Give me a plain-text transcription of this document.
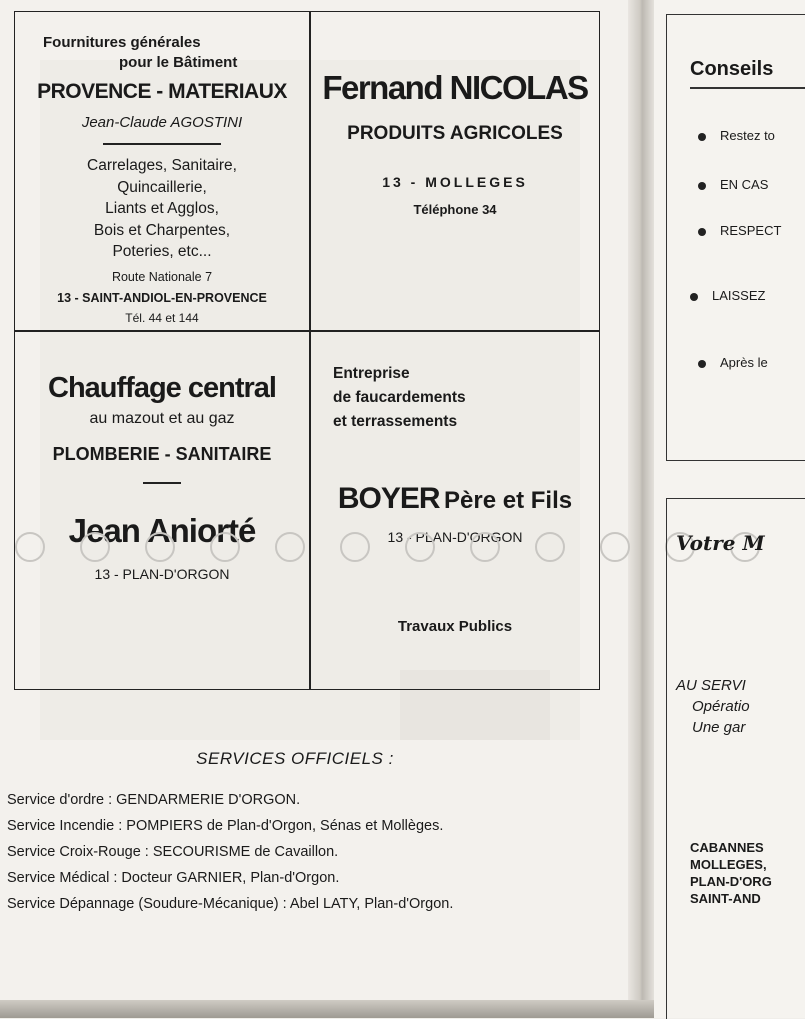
Fournitures générales
pour le Bâtiment
PROVENCE - MATERIAUX
Jean-Claude AGOSTINI
Carrelages, Sanitaire,
Quincaillerie,
Liants et Agglos,
Bois et Charpentes,
Poteries, etc...
Route Nationale 7
13 - SAINT-ANDIOL-EN-PROVENCE
Tél. 44 et 144
Fernand NICOLAS
PRODUITS AGRICOLES
13 - MOLLEGES
Téléphone 34
Chauffage central
au mazout et au gaz
PLOMBERIE - SANITAIRE
Jean Aniorté
13 - PLAN-D'ORGON
Entreprise
de faucardements
et terrassements
BOYER Père et Fils
13 - PLAN-D'ORGON
Travaux Publics
SERVICES OFFICIELS :
Service d'ordre : GENDARMERIE D'ORGON.
Service Incendie : POMPIERS de Plan-d'Orgon, Sénas et Mollèges.
Service Croix-Rouge : SECOURISME de Cavaillon.
Service Médical : Docteur GARNIER, Plan-d'Orgon.
Service Dépannage (Soudure-Mécanique) : Abel LATY, Plan-d'Orgon.
Conseils
Restez to
EN CAS
RESPECT
LAISSEZ
Après le
Votre M
AU SERVI
Opératio
Une gar
CABANNES
MOLLEGES,
PLAN-D'ORG
SAINT-AND
